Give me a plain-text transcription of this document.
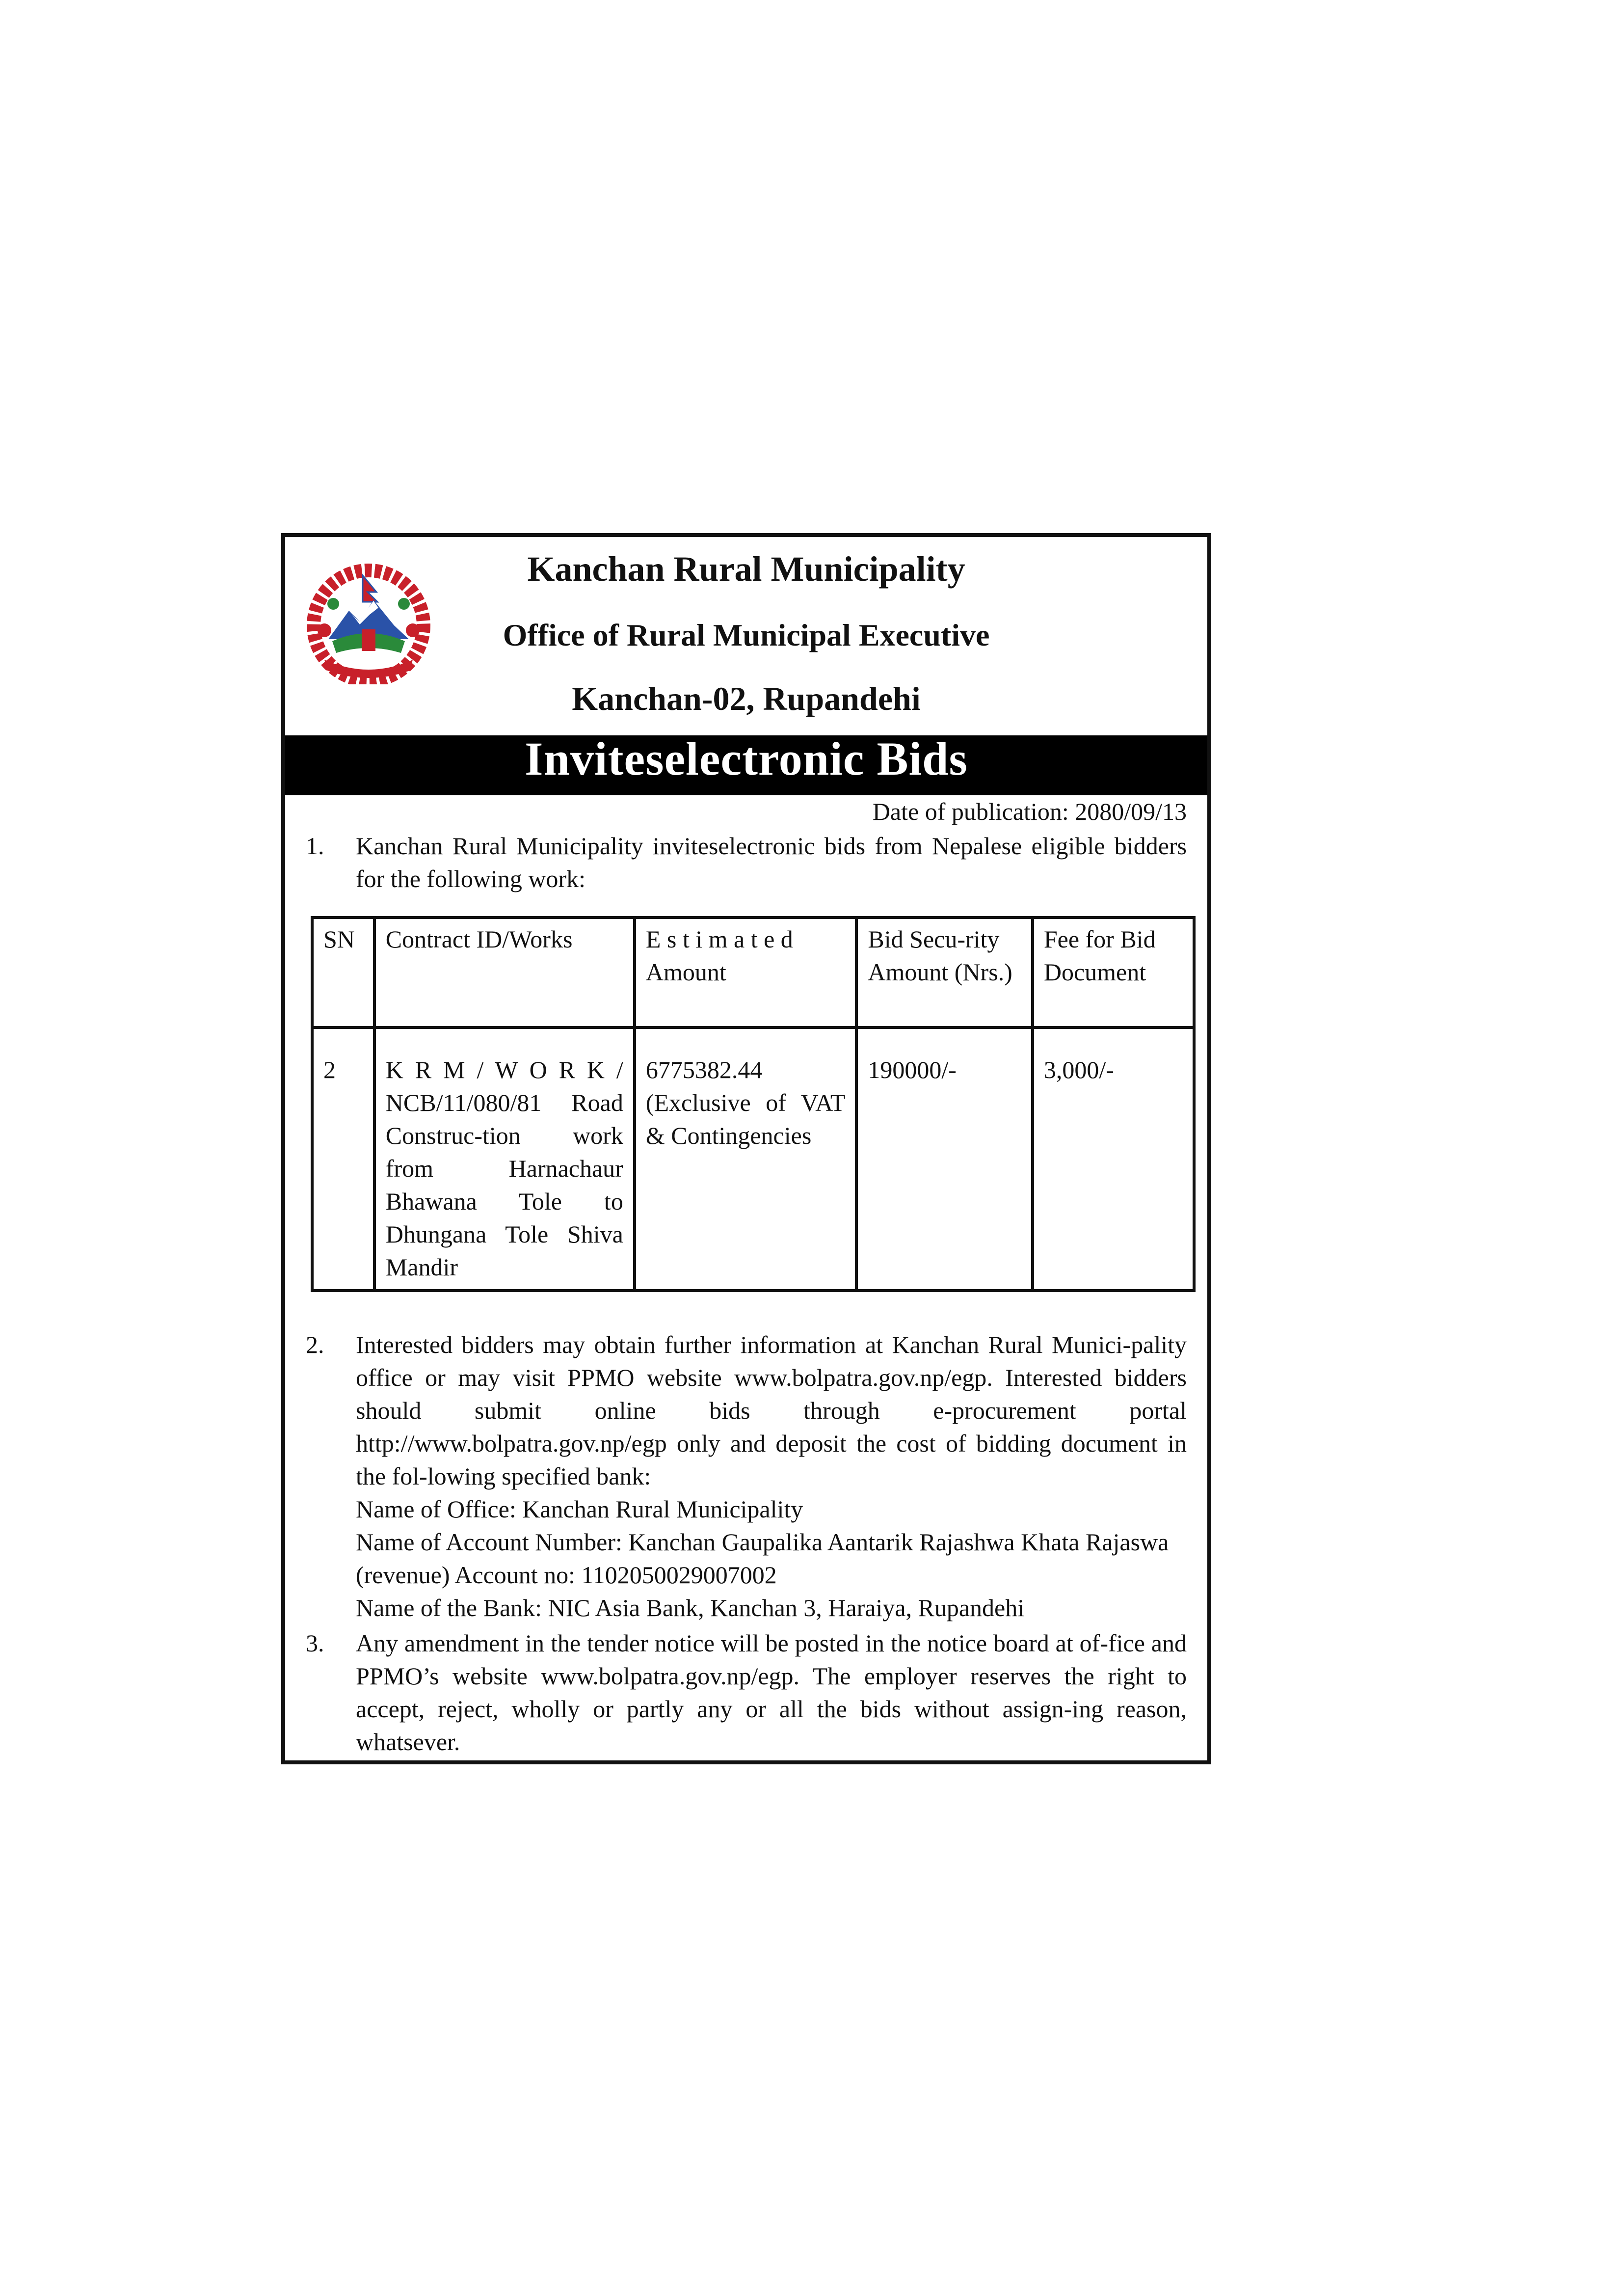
Kanchan Rural Municipality
Office of Rural Municipal Executive
Kanchan-02, Rupandehi
Inviteselectronic Bids
Date of publication: 2080/09/13
1. Kanchan Rural Municipality inviteselectronic bids from Nepalese eligible bidders for the following work:

SN	Contract ID/Works	E s t i m a t e d Amount	Bid Secu-rity Amount (Nrs.)	Fee for Bid Document
2	K R M / W O R K / NCB/11/080/81 Road Construc-tion work from Harnachaur Bhawana Tole to Dhungana Tole Shiva Mandir	6775382.44 (Exclusive of VAT & Contingencies	190000/-	3,000/-
2. Interested bidders may obtain further information at Kanchan Rural Munici-pality office or may visit PPMO website www.bolpatra.gov.np/egp. Interested bidders should submit online bids through e-procurement portal http://www.bolpatra.gov.np/egp only and deposit the cost of bidding document in the fol-lowing specified bank:

Name of Office: Kanchan Rural Municipality

Name of Account Number: Kanchan Gaupalika Aantarik Rajashwa Khata Rajaswa (revenue) Account no: 1102050029007002

Name of the Bank: NIC Asia Bank, Kanchan 3, Haraiya, Rupandehi

3. Any amendment in the tender notice will be posted in the notice board at of-fice and PPMO’s website www.bolpatra.gov.np/egp. The employer reserves the right to accept, reject, wholly or partly any or all the bids without assign-ing reason, whatsever.
